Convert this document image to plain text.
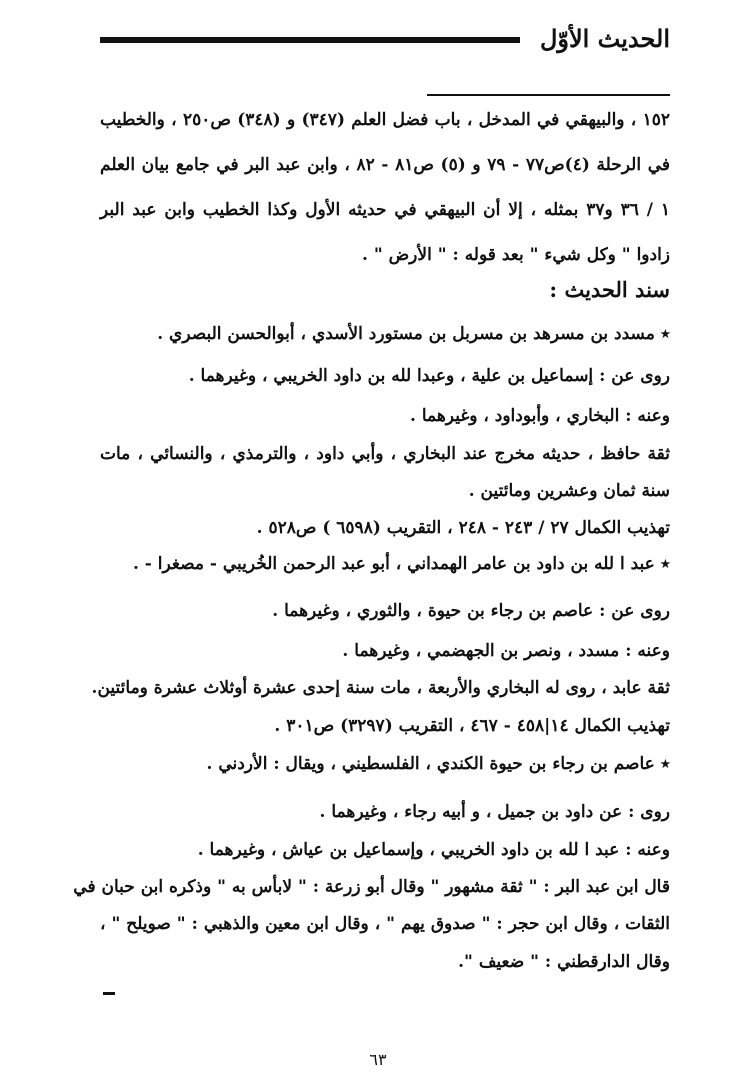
الحديث الأوّل
١٥٢ ، والبيهقي في المدخل ، باب فضل العلم (٣٤٧) و (٣٤٨) ص٢٥٠ ، والخطيب
في الرحلة (٤)ص٧٧ - ٧٩ و (٥) ص٨١ - ٨٢ ، وابن عبد البر في جامع بيان العلم
١ / ٣٦ و٣٧ بمثله ، إلا أن البيهقي في حديثه الأول وكذا الخطيب وابن عبد البر
زادوا " وكل شيء " بعد قوله : " الأرض " .
سند الحديث :
٭ مسدد بن مسرهد بن مسربل بن مستورد الأسدي ، أبوالحسن البصري .
روى عن : إسماعيل بن علية ، وعبدا لله بن داود الخريبي ، وغيرهما .
وعنه : البخاري ، وأبوداود ، وغيرهما .
ثقة حافظ ، حديثه مخرج عند البخاري ، وأبي داود ، والترمذي ، والنسائي ، مات
سنة ثمان وعشرين ومائتين .
تهذيب الكمال ٢٧ / ٢٤٣ - ٢٤٨ ، التقريب (٦٥٩٨ ) ص٥٢٨ .
٭ عبد ا لله بن داود بن عامر الهمداني ، أبو عبد الرحمن الخُريبي - مصغرا - .
روى عن : عاصم بن رجاء بن حيوة ، والثوري ، وغيرهما .
وعنه : مسدد ، ونصر بن الجهضمي ، وغيرهما .
ثقة عابد ، روى له البخاري والأربعة ، مات سنة إحدى عشرة أوثلاث عشرة ومائتين.
تهذيب الكمال ١٤|٤٥٨ - ٤٦٧ ، التقريب (٣٢٩٧) ص٣٠١ .
٭ عاصم بن رجاء بن حيوة الكندي ، الفلسطيني ، ويقال : الأردني .
روى : عن داود بن جميل ، و أبيه رجاء ، وغيرهما .
وعنه : عبد ا لله بن داود الخريبي ، وإسماعيل بن عياش ، وغيرهما .
قال ابن عبد البر : " ثقة مشهور " وقال أبو زرعة : " لابأس به " وذكره ابن حبان في
الثقات ، وقال ابن حجر : " صدوق يهم " ، وقال ابن معين والذهبي : " صويلح " ،
وقال الدارقطني : " ضعيف ".
٦٣
